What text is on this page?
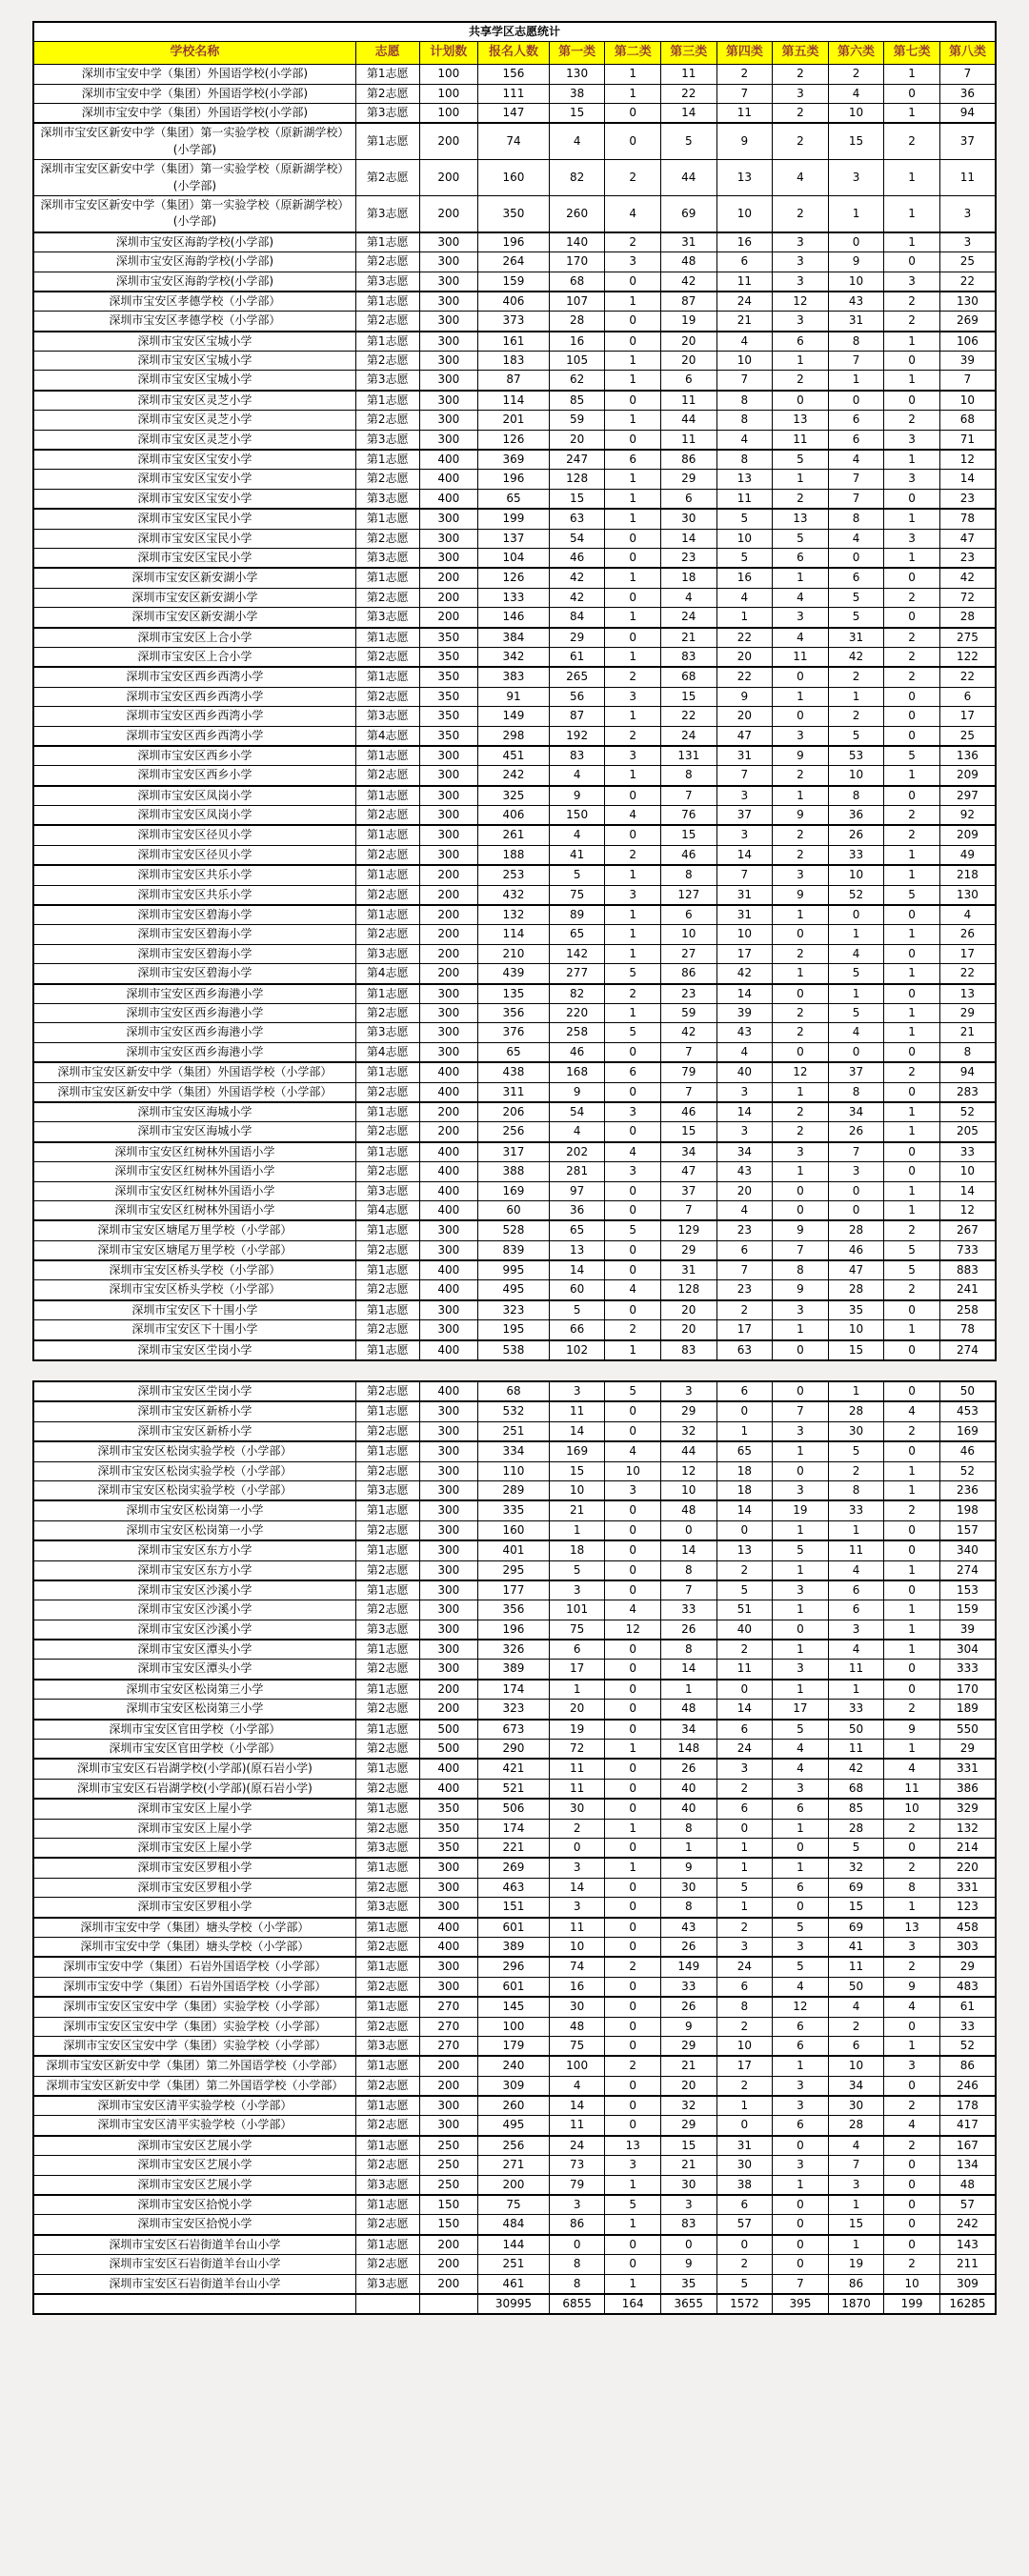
共享学区志愿统计											
学校名称	志愿	计划数	报名人数	第一类	第二类	第三类	第四类	第五类	第六类	第七类	第八类
深圳市宝安中学（集团）外国语学校(小学部)	第1志愿	100	156	130	1	11	2	2	2	1	7
深圳市宝安中学（集团）外国语学校(小学部)	第2志愿	100	111	38	1	22	7	3	4	0	36
深圳市宝安中学（集团）外国语学校(小学部)	第3志愿	100	147	15	0	14	11	2	10	1	94
深圳市宝安区新安中学（集团）第一实验学校（原新湖学校）(小学部)	第1志愿	200	74	4	0	5	9	2	15	2	37
深圳市宝安区新安中学（集团）第一实验学校（原新湖学校）(小学部)	第2志愿	200	160	82	2	44	13	4	3	1	11
深圳市宝安区新安中学（集团）第一实验学校（原新湖学校）(小学部)	第3志愿	200	350	260	4	69	10	2	1	1	3
深圳市宝安区海韵学校(小学部)	第1志愿	300	196	140	2	31	16	3	0	1	3
深圳市宝安区海韵学校(小学部)	第2志愿	300	264	170	3	48	6	3	9	0	25
深圳市宝安区海韵学校(小学部)	第3志愿	300	159	68	0	42	11	3	10	3	22
深圳市宝安区孝德学校（小学部）	第1志愿	300	406	107	1	87	24	12	43	2	130
深圳市宝安区孝德学校（小学部）	第2志愿	300	373	28	0	19	21	3	31	2	269
深圳市宝安区宝城小学	第1志愿	300	161	16	0	20	4	6	8	1	106
深圳市宝安区宝城小学	第2志愿	300	183	105	1	20	10	1	7	0	39
深圳市宝安区宝城小学	第3志愿	300	87	62	1	6	7	2	1	1	7
深圳市宝安区灵芝小学	第1志愿	300	114	85	0	11	8	0	0	0	10
深圳市宝安区灵芝小学	第2志愿	300	201	59	1	44	8	13	6	2	68
深圳市宝安区灵芝小学	第3志愿	300	126	20	0	11	4	11	6	3	71
深圳市宝安区宝安小学	第1志愿	400	369	247	6	86	8	5	4	1	12
深圳市宝安区宝安小学	第2志愿	400	196	128	1	29	13	1	7	3	14
深圳市宝安区宝安小学	第3志愿	400	65	15	1	6	11	2	7	0	23
深圳市宝安区宝民小学	第1志愿	300	199	63	1	30	5	13	8	1	78
深圳市宝安区宝民小学	第2志愿	300	137	54	0	14	10	5	4	3	47
深圳市宝安区宝民小学	第3志愿	300	104	46	0	23	5	6	0	1	23
深圳市宝安区新安湖小学	第1志愿	200	126	42	1	18	16	1	6	0	42
深圳市宝安区新安湖小学	第2志愿	200	133	42	0	4	4	4	5	2	72
深圳市宝安区新安湖小学	第3志愿	200	146	84	1	24	1	3	5	0	28
深圳市宝安区上合小学	第1志愿	350	384	29	0	21	22	4	31	2	275
深圳市宝安区上合小学	第2志愿	350	342	61	1	83	20	11	42	2	122
深圳市宝安区西乡西湾小学	第1志愿	350	383	265	2	68	22	0	2	2	22
深圳市宝安区西乡西湾小学	第2志愿	350	91	56	3	15	9	1	1	0	6
深圳市宝安区西乡西湾小学	第3志愿	350	149	87	1	22	20	0	2	0	17
深圳市宝安区西乡西湾小学	第4志愿	350	298	192	2	24	47	3	5	0	25
深圳市宝安区西乡小学	第1志愿	300	451	83	3	131	31	9	53	5	136
深圳市宝安区西乡小学	第2志愿	300	242	4	1	8	7	2	10	1	209
深圳市宝安区凤岗小学	第1志愿	300	325	9	0	7	3	1	8	0	297
深圳市宝安区凤岗小学	第2志愿	300	406	150	4	76	37	9	36	2	92
深圳市宝安区径贝小学	第1志愿	300	261	4	0	15	3	2	26	2	209
深圳市宝安区径贝小学	第2志愿	300	188	41	2	46	14	2	33	1	49
深圳市宝安区共乐小学	第1志愿	200	253	5	1	8	7	3	10	1	218
深圳市宝安区共乐小学	第2志愿	200	432	75	3	127	31	9	52	5	130
深圳市宝安区碧海小学	第1志愿	200	132	89	1	6	31	1	0	0	4
深圳市宝安区碧海小学	第2志愿	200	114	65	1	10	10	0	1	1	26
深圳市宝安区碧海小学	第3志愿	200	210	142	1	27	17	2	4	0	17
深圳市宝安区碧海小学	第4志愿	200	439	277	5	86	42	1	5	1	22
深圳市宝安区西乡海港小学	第1志愿	300	135	82	2	23	14	0	1	0	13
深圳市宝安区西乡海港小学	第2志愿	300	356	220	1	59	39	2	5	1	29
深圳市宝安区西乡海港小学	第3志愿	300	376	258	5	42	43	2	4	1	21
深圳市宝安区西乡海港小学	第4志愿	300	65	46	0	7	4	0	0	0	8
深圳市宝安区新安中学（集团）外国语学校（小学部）	第1志愿	400	438	168	6	79	40	12	37	2	94
深圳市宝安区新安中学（集团）外国语学校（小学部）	第2志愿	400	311	9	0	7	3	1	8	0	283
深圳市宝安区海城小学	第1志愿	200	206	54	3	46	14	2	34	1	52
深圳市宝安区海城小学	第2志愿	200	256	4	0	15	3	2	26	1	205
深圳市宝安区红树林外国语小学	第1志愿	400	317	202	4	34	34	3	7	0	33
深圳市宝安区红树林外国语小学	第2志愿	400	388	281	3	47	43	1	3	0	10
深圳市宝安区红树林外国语小学	第3志愿	400	169	97	0	37	20	0	0	1	14
深圳市宝安区红树林外国语小学	第4志愿	400	60	36	0	7	4	0	0	1	12
深圳市宝安区塘尾万里学校（小学部）	第1志愿	300	528	65	5	129	23	9	28	2	267
深圳市宝安区塘尾万里学校（小学部）	第2志愿	300	839	13	0	29	6	7	46	5	733
深圳市宝安区桥头学校（小学部）	第1志愿	400	995	14	0	31	7	8	47	5	883
深圳市宝安区桥头学校（小学部）	第2志愿	400	495	60	4	128	23	9	28	2	241
深圳市宝安区下十围小学	第1志愿	300	323	5	0	20	2	3	35	0	258
深圳市宝安区下十围小学	第2志愿	300	195	66	2	20	17	1	10	1	78
深圳市宝安区坣岗小学	第1志愿	400	538	102	1	83	63	0	15	0	274
深圳市宝安区坣岗小学	第2志愿	400	68	3	5	3	6	0	1	0	50
深圳市宝安区新桥小学	第1志愿	300	532	11	0	29	0	7	28	4	453
深圳市宝安区新桥小学	第2志愿	300	251	14	0	32	1	3	30	2	169
深圳市宝安区松岗实验学校（小学部）	第1志愿	300	334	169	4	44	65	1	5	0	46
深圳市宝安区松岗实验学校（小学部）	第2志愿	300	110	15	10	12	18	0	2	1	52
深圳市宝安区松岗实验学校（小学部）	第3志愿	300	289	10	3	10	18	3	8	1	236
深圳市宝安区松岗第一小学	第1志愿	300	335	21	0	48	14	19	33	2	198
深圳市宝安区松岗第一小学	第2志愿	300	160	1	0	0	0	1	1	0	157
深圳市宝安区东方小学	第1志愿	300	401	18	0	14	13	5	11	0	340
深圳市宝安区东方小学	第2志愿	300	295	5	0	8	2	1	4	1	274
深圳市宝安区沙溪小学	第1志愿	300	177	3	0	7	5	3	6	0	153
深圳市宝安区沙溪小学	第2志愿	300	356	101	4	33	51	1	6	1	159
深圳市宝安区沙溪小学	第3志愿	300	196	75	12	26	40	0	3	1	39
深圳市宝安区潭头小学	第1志愿	300	326	6	0	8	2	1	4	1	304
深圳市宝安区潭头小学	第2志愿	300	389	17	0	14	11	3	11	0	333
深圳市宝安区松岗第三小学	第1志愿	200	174	1	0	1	0	1	1	0	170
深圳市宝安区松岗第三小学	第2志愿	200	323	20	0	48	14	17	33	2	189
深圳市宝安区官田学校（小学部）	第1志愿	500	673	19	0	34	6	5	50	9	550
深圳市宝安区官田学校（小学部）	第2志愿	500	290	72	1	148	24	4	11	1	29
深圳市宝安区石岩湖学校(小学部)(原石岩小学)	第1志愿	400	421	11	0	26	3	4	42	4	331
深圳市宝安区石岩湖学校(小学部)(原石岩小学)	第2志愿	400	521	11	0	40	2	3	68	11	386
深圳市宝安区上屋小学	第1志愿	350	506	30	0	40	6	6	85	10	329
深圳市宝安区上屋小学	第2志愿	350	174	2	1	8	0	1	28	2	132
深圳市宝安区上屋小学	第3志愿	350	221	0	0	1	1	0	5	0	214
深圳市宝安区罗租小学	第1志愿	300	269	3	1	9	1	1	32	2	220
深圳市宝安区罗租小学	第2志愿	300	463	14	0	30	5	6	69	8	331
深圳市宝安区罗租小学	第3志愿	300	151	3	0	8	1	0	15	1	123
深圳市宝安中学（集团）塘头学校（小学部）	第1志愿	400	601	11	0	43	2	5	69	13	458
深圳市宝安中学（集团）塘头学校（小学部）	第2志愿	400	389	10	0	26	3	3	41	3	303
深圳市宝安中学（集团）石岩外国语学校（小学部）	第1志愿	300	296	74	2	149	24	5	11	2	29
深圳市宝安中学（集团）石岩外国语学校（小学部）	第2志愿	300	601	16	0	33	6	4	50	9	483
深圳市宝安区宝安中学（集团）实验学校（小学部）	第1志愿	270	145	30	0	26	8	12	4	4	61
深圳市宝安区宝安中学（集团）实验学校（小学部）	第2志愿	270	100	48	0	9	2	6	2	0	33
深圳市宝安区宝安中学（集团）实验学校（小学部）	第3志愿	270	179	75	0	29	10	6	6	1	52
深圳市宝安区新安中学（集团）第二外国语学校（小学部）	第1志愿	200	240	100	2	21	17	1	10	3	86
深圳市宝安区新安中学（集团）第二外国语学校（小学部）	第2志愿	200	309	4	0	20	2	3	34	0	246
深圳市宝安区清平实验学校（小学部）	第1志愿	300	260	14	0	32	1	3	30	2	178
深圳市宝安区清平实验学校（小学部）	第2志愿	300	495	11	0	29	0	6	28	4	417
深圳市宝安区艺展小学	第1志愿	250	256	24	13	15	31	0	4	2	167
深圳市宝安区艺展小学	第2志愿	250	271	73	3	21	30	3	7	0	134
深圳市宝安区艺展小学	第3志愿	250	200	79	1	30	38	1	3	0	48
深圳市宝安区拾悦小学	第1志愿	150	75	3	5	3	6	0	1	0	57
深圳市宝安区拾悦小学	第2志愿	150	484	86	1	83	57	0	15	0	242
深圳市宝安区石岩街道羊台山小学	第1志愿	200	144	0	0	0	0	0	1	0	143
深圳市宝安区石岩街道羊台山小学	第2志愿	200	251	8	0	9	2	0	19	2	211
深圳市宝安区石岩街道羊台山小学	第3志愿	200	461	8	1	35	5	7	86	10	309
			30995	6855	164	3655	1572	395	1870	199	16285
